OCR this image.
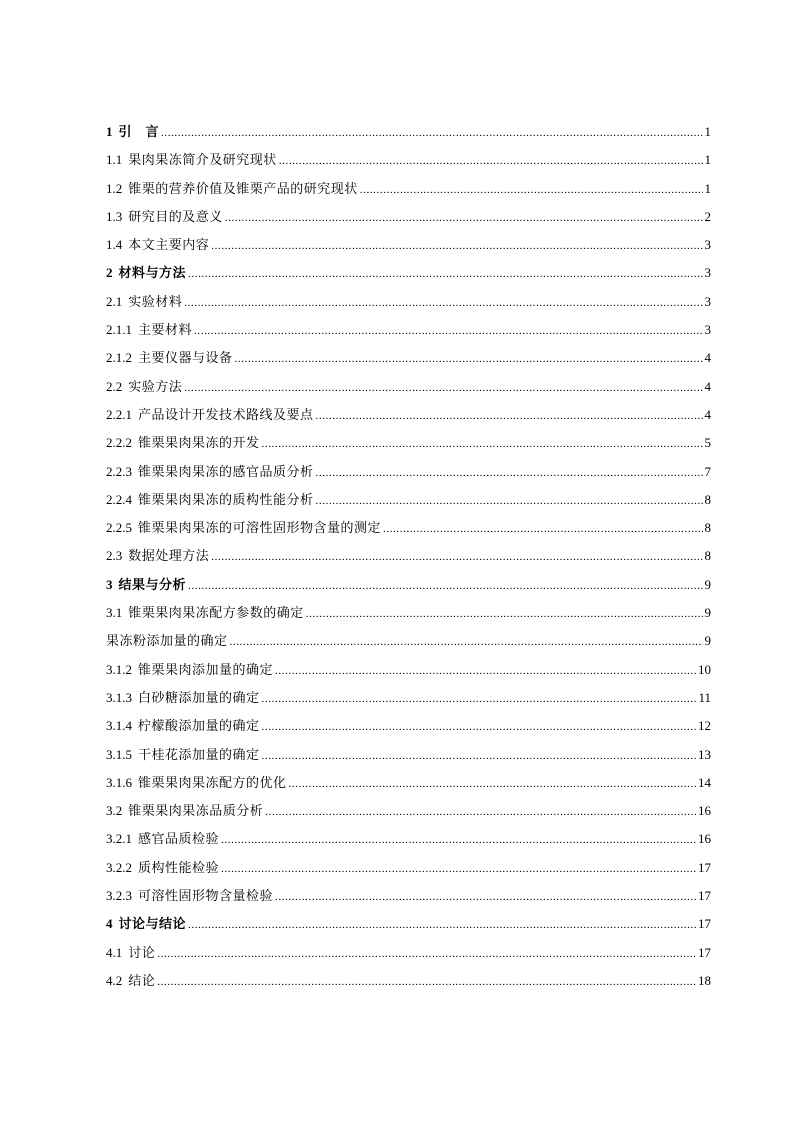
1 引　言 .....	1
1.1 果肉果冻简介及研究现状 .....	1
1.2 锥栗的营养价值及锥栗产品的研究现状 .....	1
1.3 研究目的及意义 .....	2
1.4 本文主要内容 .....	3
2 材料与方法 .....	3
2.1 实验材料 .....	3
2.1.1 主要材料 .....	3
2.1.2 主要仪器与设备 .....	4
2.2 实验方法 .....	4
2.2.1 产品设计开发技术路线及要点 .....	4
2.2.2 锥栗果肉果冻的开发 .....	5
2.2.3 锥栗果肉果冻的感官品质分析 .....	7
2.2.4 锥栗果肉果冻的质构性能分析 .....	8
2.2.5 锥栗果肉果冻的可溶性固形物含量的测定 .....	8
2.3 数据处理方法 .....	8
3 结果与分析 .....	9
3.1 锥栗果肉果冻配方参数的确定 .....	9
果冻粉添加量的确定 .....	9
3.1.2 锥栗果肉添加量的确定 .....	10
3.1.3 白砂糖添加量的确定 .....	11
3.1.4 柠檬酸添加量的确定 .....	12
3.1.5 干桂花添加量的确定 .....	13
3.1.6 锥栗果肉果冻配方的优化 .....	14
3.2 锥栗果肉果冻品质分析 .....	16
3.2.1 感官品质检验 .....	16
3.2.2 质构性能检验 .....	17
3.2.3 可溶性固形物含量检验 .....	17
4 讨论与结论 .....	17
4.1 讨论 .....	17
4.2 结论 .....	18
